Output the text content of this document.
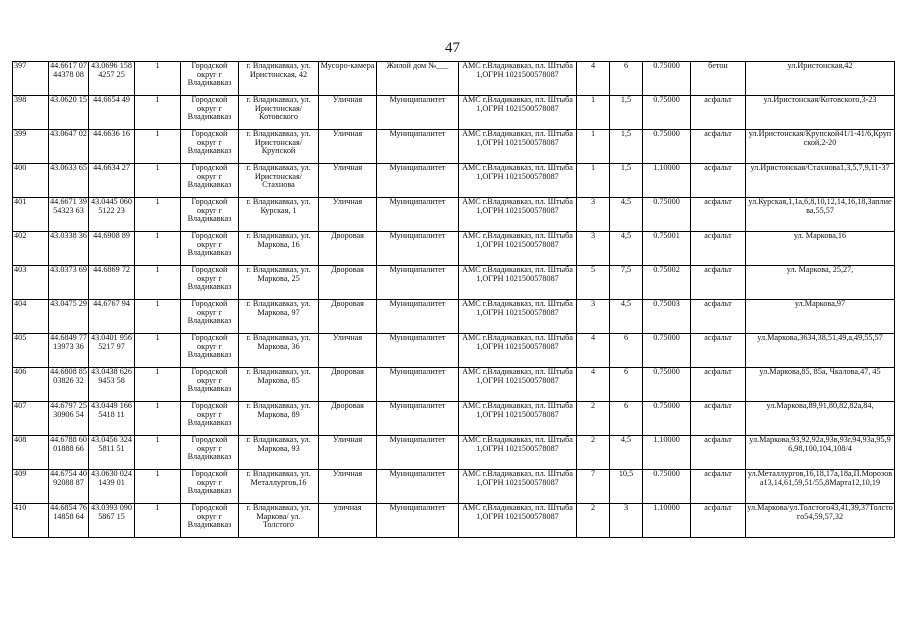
47
397	44.6617 0744378 08	43.0696 1584257 25	1	Городской округ г Владикавказ	г. Владикавказ, ул. Иристонская, 42	Мусоро-камера	Жилой дом №___	АМС г.Владикавказ, пл. Штыба 1,ОГРН 1021500578087	4	6	0.75000	бетон	ул.Иристонская,42
398	43.0620 15	44.6654 49	1	Городской округ г Владикавказ	г. Владикавказ, ул. Иристонская/Котовского	Уличная	Муниципалитет	АМС г.Владикавказ, пл. Штыба 1,ОГРН 1021500578087	1	1,5	0.75000	асфальт	ул.Иристонская/Котовского,3-23
399	43.0647 02	44.6636 16	1	Городской округ г Владикавказ	г. Владикавказ, ул. Иристонская/Крупской	Уличная	Муниципалитет	АМС г.Владикавказ, пл. Штыба 1,ОГРН 1021500578087	1	1,5	0.75000	асфальт	ул.Иристонская/Крупской41/1-41/6,Крупской,2-20
400	43.0633 65	44.6634 27	1	Городской округ г Владикавказ	г. Владикавказ, ул. Иристонская/Стахнова	Уличная	Муниципалитет	АМС г.Владикавказ, пл. Штыба 1,ОГРН 1021500578087	1	1,5	1.10000	асфальт	ул.Иристонская/Стахнова1,3,5,7,9,11-37
401	44.6671 3954323 63	43.0445 0605122 23	1	Городской округ г Владикавказ	г. Владикавказ, ул. Курская, 1	Уличная	Муниципалитет	АМС г.Владикавказ, пл. Штыба 1,ОГРН 1021500578087	3	4,5	0.75000	асфальт	ул.Курская,1,1а,6,8,10,12,14,16,18,Заплиева,55,57
402	43.0338 36	44.6908 89	1	Городской округ г Владикавказ	г. Владикавказ, ул. Маркова, 16	Дворовая	Муниципалитет	АМС г.Владикавказ, пл. Штыба 1,ОГРН 1021500578087	3	4,5	0.75001	асфальт	ул. Маркова,16
403	43.0373 69	44.6869 72	1	Городской округ г Владикавказ	г. Владикавказ, ул. Маркова, 25	Дворовая	Муниципалитет	АМС г.Владикавказ, пл. Штыба 1,ОГРН 1021500578087	5	7,5	0.75002	асфальт	ул. Маркова, 25,27,
404	43.0475 29	44.6767 94	1	Городской округ г Владикавказ	г. Владикавказ, ул. Маркова, 97	Дворовая	Муниципалитет	АМС г.Владикавказ, пл. Штыба 1,ОГРН 1021500578087	3	4,5	0.75003	асфальт	ул.Маркова,97
405	44.6849 7713973 36	43.0401 9565217 97	1	Городской округ г Владикавказ	г. Владикавказ, ул. Маркова, 36	Уличная	Муниципалитет	АМС г.Владикавказ, пл. Штыба 1,ОГРН 1021500578087	4	6	0.75000	асфальт	ул.Маркова,3634,38,51,49,а,49,55,57
406	44.6808 8503826 32	43.0438 6269453 58	1	Городской округ г Владикавказ	г. Владикавказ, ул. Маркова, 85	Дворовая	Муниципалитет	АМС г.Владикавказ, пл. Штыба 1,ОГРН 1021500578087	4	6	0.75000	асфальт	ул.Маркова,85, 85а, Чкалова,47, 45
407	44.6797 2530906 54	43.0449 1665418 11	1	Городской округ г Владикавказ	г. Владикавказ, ул. Маркова, 89	Дворовая	Муниципалитет	АМС г.Владикавказ, пл. Штыба 1,ОГРН 1021500578087	2	6	0.75000	асфальт	ул.Маркова,89,91,80,82,82а,84,
408	44.6788 6001888 66	43.0456 3245811 51	1	Городской округ г Владикавказ	г. Владикавказ, ул. Маркова, 93	Уличная	Муниципалитет	АМС г.Владикавказ, пл. Штыба 1,ОГРН 1021500578087	2	4,5	1.10000	асфальт	ул.Маркова,93,92,92а,93в,93г,94,93а,95,96,98,100,104,108/4
409	44.6754 4092088 87	43.0630 0241439 01	1	Городской округ г Владикавказ	г. Владикавказ, ул. Металлургов,16	Уличная	Муниципалитет	АМС г.Владикавказ, пл. Штыба 1,ОГРН 1021500578087	7	10,5	0.75000	асфальт	ул.Металлургов,16,18,17а,18а,П.Морозова13,14,61,59,51/55,8Марта12,10,19
410	44.6854 7614858 64	43.0393 0905867 15	1	Городской округ г Владикавказ	г. Владикавказ, ул. Маркова/ ул. Толстого	уличная	Муниципалитет	АМС г.Владикавказ, пл. Штыба 1,ОГРН 1021500578087	2	3	1.10000	асфальт	ул.Маркова/ул.Толстого43,41,39,37Толстого54,59,57,32
